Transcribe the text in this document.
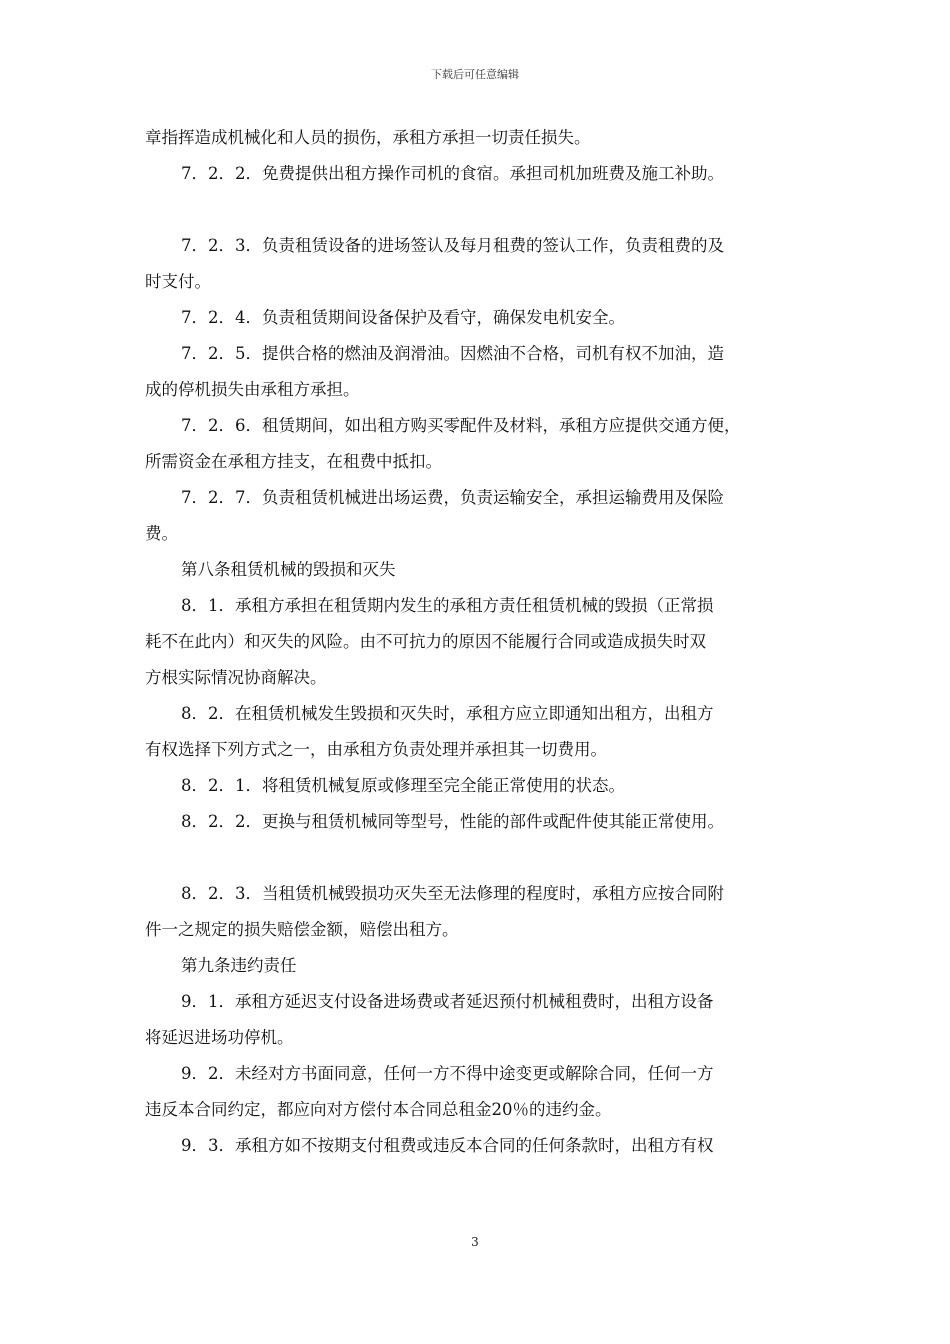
下载后可任意编辑
章指挥造成机械化和人员的损伤，承租方承担一切责任损失。
7．2．2．免费提供出租方操作司机的食宿。承担司机加班费及施工补助。
7．2．3．负责租赁设备的进场签认及每月租费的签认工作，负责租费的及
时支付。
7．2．4．负责租赁期间设备保护及看守，确保发电机安全。
7．2．5．提供合格的燃油及润滑油。因燃油不合格，司机有权不加油，造
成的停机损失由承租方承担。
7．2．6．租赁期间，如出租方购买零配件及材料，承租方应提供交通方便，
所需资金在承租方挂支，在租费中抵扣。
7．2．7．负责租赁机械进出场运费，负责运输安全，承担运输费用及保险
费。
第八条租赁机械的毁损和灭失
8．1．承租方承担在租赁期内发生的承租方责任租赁机械的毁损（正常损
耗不在此内）和灭失的风险。由不可抗力的原因不能履行合同或造成损失时双
方根实际情况协商解决。
8．2．在租赁机械发生毁损和灭失时，承租方应立即通知出租方，出租方
有权选择下列方式之一，由承租方负责处理并承担其一切费用。
8．2．1．将租赁机械复原或修理至完全能正常使用的状态。
8．2．2．更换与租赁机械同等型号，性能的部件或配件使其能正常使用。
8．2．3．当租赁机械毁损功灭失至无法修理的程度时，承租方应按合同附
件一之规定的损失赔偿金额，赔偿出租方。
第九条违约责任
9．1．承租方延迟支付设备进场费或者延迟预付机械租费时，出租方设备
将延迟进场功停机。
9．2．未经对方书面同意，任何一方不得中途变更或解除合同，任何一方
违反本合同约定，都应向对方偿付本合同总租金20％的违约金。
9．3．承租方如不按期支付租费或违反本合同的任何条款时，出租方有权
3
